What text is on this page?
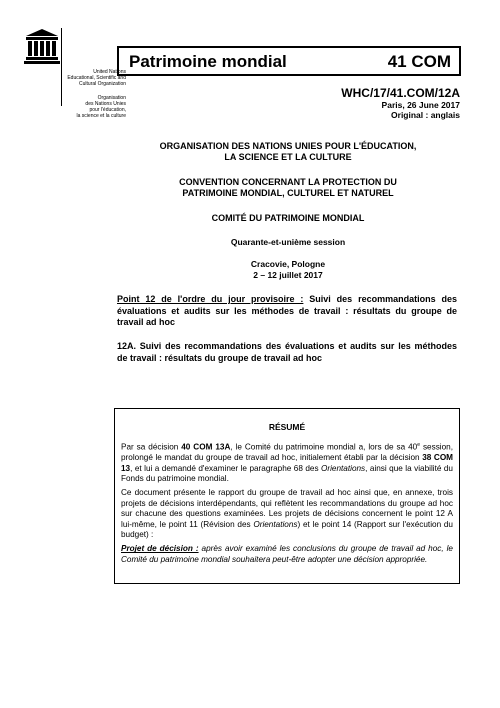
United Nations
Educational, Scientific and
Cultural Organization
Organisation
des Nations Unies
pour l'éducation,
la science et la culture
Patrimoine mondial	41 COM
WHC/17/41.COM/12A
Paris, 26 June 2017
Original : anglais
ORGANISATION DES NATIONS UNIES POUR L'ÉDUCATION,
LA SCIENCE ET LA CULTURE
CONVENTION CONCERNANT LA PROTECTION DU
PATRIMOINE MONDIAL, CULTUREL ET NATUREL
COMITÉ DU PATRIMOINE MONDIAL
Quarante-et-unième session
Cracovie, Pologne
2 – 12 juillet 2017
Point 12 de l'ordre du jour provisoire : Suivi des recommandations des évaluations et audits sur les méthodes de travail : résultats du groupe de travail ad hoc
12A. Suivi des recommandations des évaluations et audits sur les méthodes de travail : résultats du groupe de travail ad hoc
RÉSUMÉ

Par sa décision 40 COM 13A, le Comité du patrimoine mondial a, lors de sa 40e session, prolongé le mandat du groupe de travail ad hoc, initialement établi par la décision 38 COM 13, et lui a demandé d'examiner le paragraphe 68 des Orientations, ainsi que la viabilité du Fonds du patrimoine mondial.

Ce document présente le rapport du groupe de travail ad hoc ainsi que, en annexe, trois projets de décisions interdépendants, qui reflètent les recommandations du groupe ad hoc sur chacune des questions examinées. Les projets de décisions concernent le point 12 A lui-même, le point 11 (Révision des Orientations) et le point 14 (Rapport sur l'exécution du budget) :

Projet de décision : après avoir examiné les conclusions du groupe de travail ad hoc, le Comité du patrimoine mondial souhaitera peut-être adopter une décision appropriée.
